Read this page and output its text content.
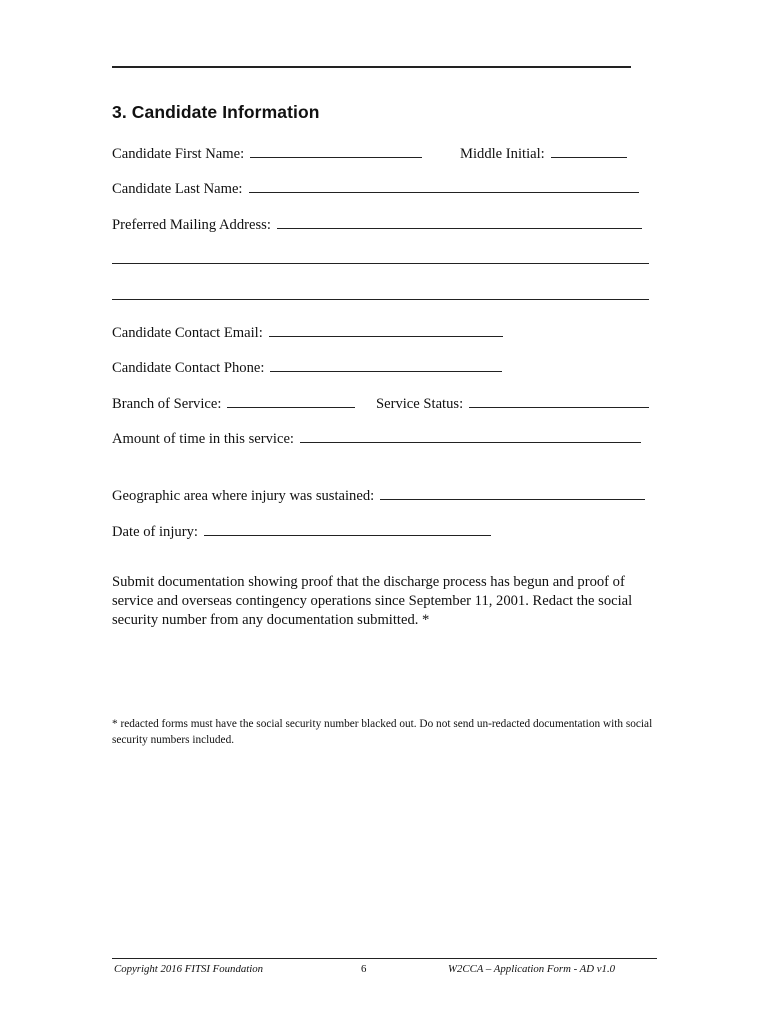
3. Candidate Information
Candidate First Name:	Middle Initial:
Candidate Last Name:
Preferred Mailing Address:
Candidate Contact Email:
Candidate Contact Phone:
Branch of Service:	Service Status:
Amount of time in this service:
Geographic area where injury was sustained:
Date of injury:
Submit documentation showing proof that the discharge process has begun and proof of service and overseas contingency operations since September 11, 2001. Redact the social security number from any documentation submitted. *
* redacted forms must have the social security number blacked out. Do not send un-redacted documentation with social security numbers included.
Copyright 2016 FITSI Foundation	6	W2CCA – Application Form - AD v1.0
